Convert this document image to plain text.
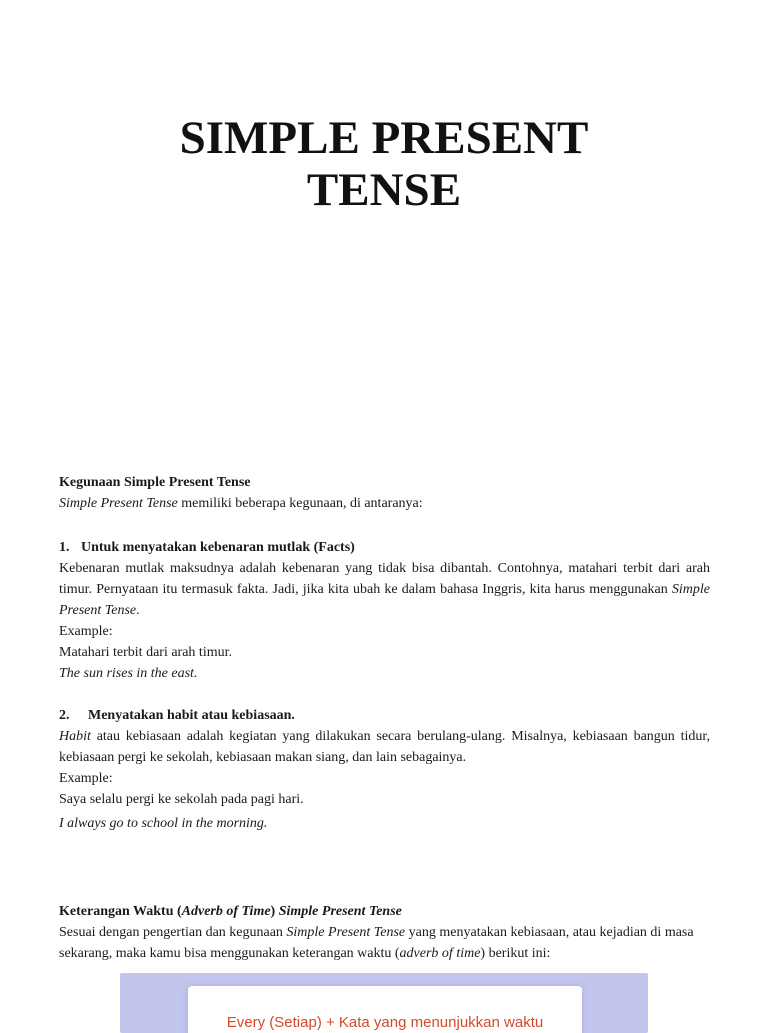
SIMPLE PRESENT
TENSE

Kegunaan Simple Present Tense

Simple Present Tense memiliki beberapa kegunaan, di antaranya:

1. Untuk menyatakan kebenaran mutlak (Facts)

Kebenaran mutlak maksudnya adalah kebenaran yang tidak bisa dibantah. Contohnya, matahari terbit dari arah timur. Pernyataan itu termasuk fakta. Jadi, jika kita ubah ke dalam bahasa Inggris, kita harus menggunakan Simple Present Tense.

Example:

Matahari terbit dari arah timur.

The sun rises in the east.

2. Menyatakan habit atau kebiasaan.

Habit atau kebiasaan adalah kegiatan yang dilakukan secara berulang-ulang. Misalnya, kebiasaan bangun tidur, kebiasaan pergi ke sekolah, kebiasaan makan siang, dan lain sebagainya.

Example:

Saya selalu pergi ke sekolah pada pagi hari.

I always go to school in the morning.

Keterangan Waktu (Adverb of Time) Simple Present Tense

Sesuai dengan pengertian dan kegunaan Simple Present Tense yang menyatakan kebiasaan, atau kejadian di masa sekarang, maka kamu bisa menggunakan keterangan waktu (adverb of time) berikut ini:

Every (Setiap) + Kata yang menunjukkan waktu
